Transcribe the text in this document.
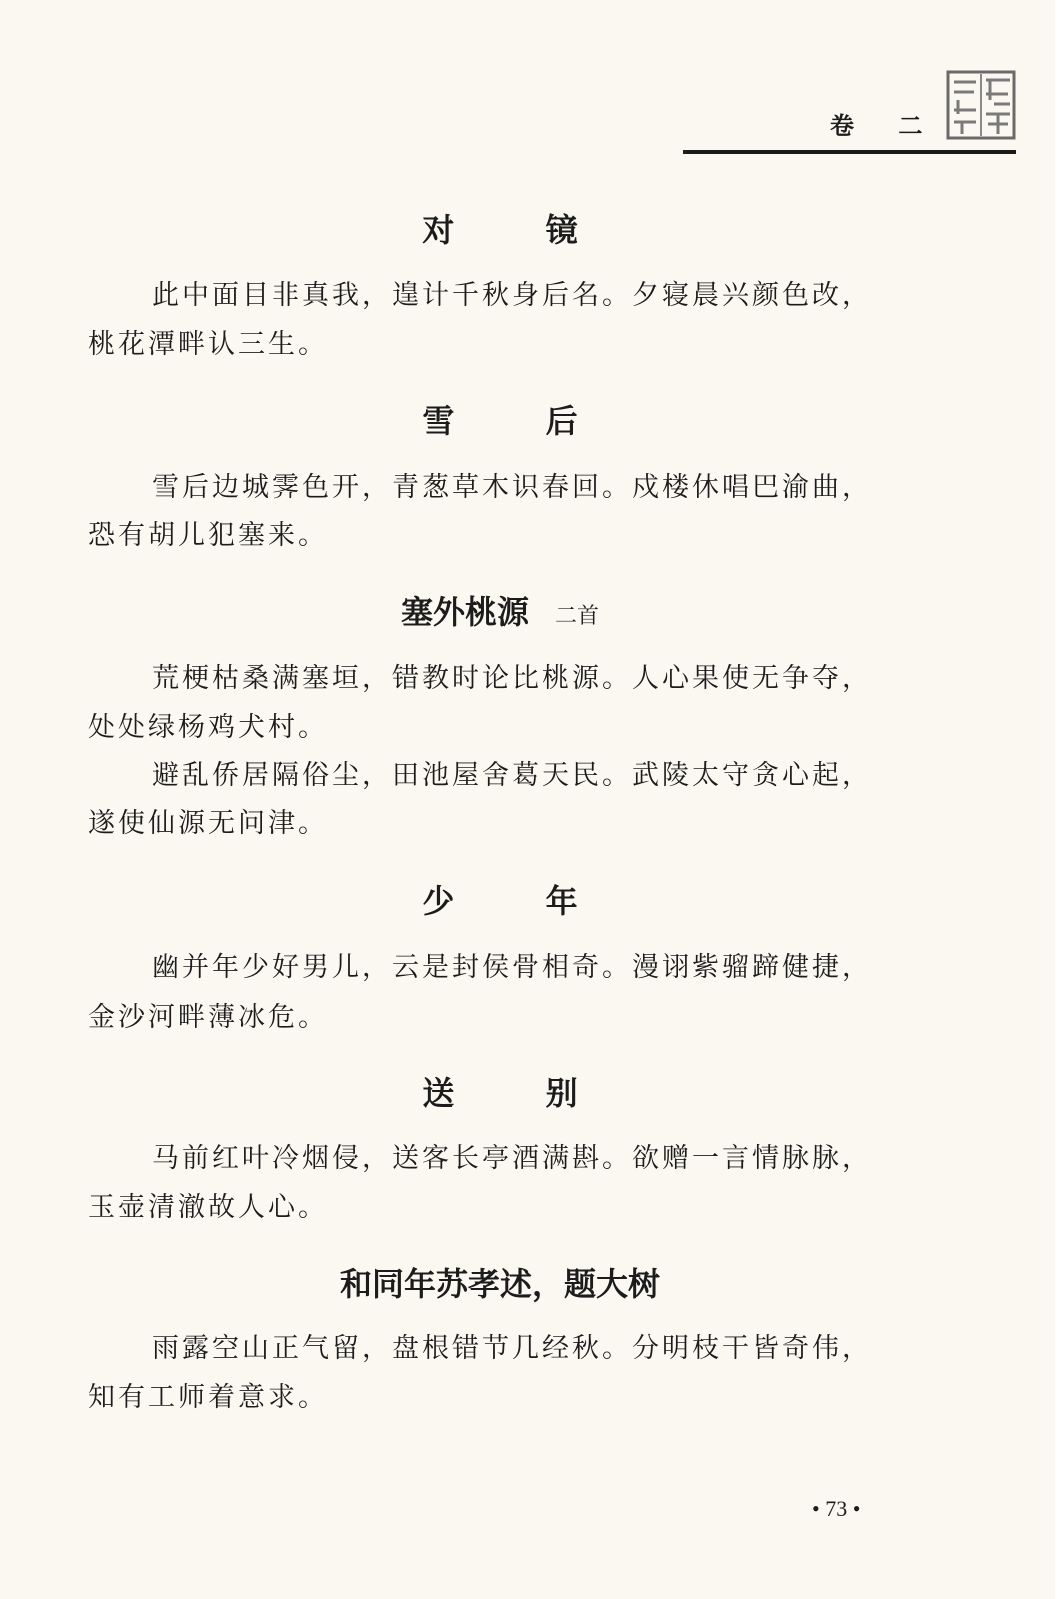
卷 二
对 镜
此中面目非真我，遑计千秋身后名。夕寝晨兴颜色改，
桃花潭畔认三生。
雪 后
雪后边城霁色开，青葱草木识春回。戍楼休唱巴渝曲，
恐有胡儿犯塞来。
塞外桃源 二首
荒梗枯桑满塞垣，错教时论比桃源。人心果使无争夺，
处处绿杨鸡犬村。
避乱侨居隔俗尘，田池屋舍葛天民。武陵太守贪心起，
遂使仙源无问津。
少 年
幽并年少好男儿，云是封侯骨相奇。漫诩紫骝蹄健捷，
金沙河畔薄冰危。
送 别
马前红叶冷烟侵，送客长亭酒满斟。欲赠一言情脉脉，
玉壶清澈故人心。
和同年苏孝述，题大树
雨露空山正气留，盘根错节几经秋。分明枝干皆奇伟，
知有工师着意求。
• 73 •
